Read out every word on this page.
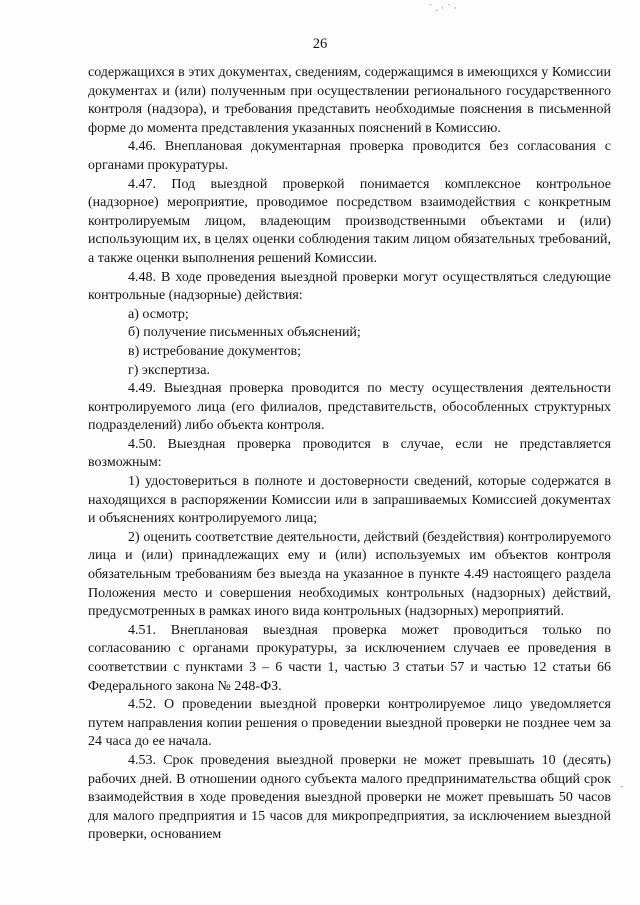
˙ . · ˙ ·
26

содержащихся в этих документах, сведениям, содержащимся в имеющихся у Комиссии документах и (или) полученным при осуществлении регионального государственного контроля (надзора), и требования представить необходимые пояснения в письменной форме до момента представления указанных пояснений в Комиссию.

4.46. Внеплановая документарная проверка проводится без согласования с органами прокуратуры.

4.47. Под выездной проверкой понимается комплексное контрольное (надзорное) мероприятие, проводимое посредством взаимодействия с конкретным контролируемым лицом, владеющим производственными объектами и (или) использующим их, в целях оценки соблюдения таким лицом обязательных требований, а также оценки выполнения решений Комиссии.

4.48. В ходе проведения выездной проверки могут осуществляться следующие контрольные (надзорные) действия:

а) осмотр;

б) получение письменных объяснений;

в) истребование документов;

г) экспертиза.

4.49. Выездная проверка проводится по месту осуществления деятельности контролируемого лица (его филиалов, представительств, обособленных структурных подразделений) либо объекта контроля.

4.50. Выездная проверка проводится в случае, если не представляется возможным:

1) удостовериться в полноте и достоверности сведений, которые содержатся в находящихся в распоряжении Комиссии или в запрашиваемых Комиссией документах и объяснениях контролируемого лица;

2) оценить соответствие деятельности, действий (бездействия) контролируемого лица и (или) принадлежащих ему и (или) используемых им объектов контроля обязательным требованиям без выезда на указанное в пункте 4.49 настоящего раздела Положения место и совершения необходимых контрольных (надзорных) действий, предусмотренных в рамках иного вида контрольных (надзорных) мероприятий.

4.51. Внеплановая выездная проверка может проводиться только по согласованию с органами прокуратуры, за исключением случаев ее проведения в соответствии с пунктами 3 – 6 части 1, частью 3 статьи 57 и частью 12 статьи 66 Федерального закона № 248-ФЗ.

4.52. О проведении выездной проверки контролируемое лицо уведомляется путем направления копии решения о проведении выездной проверки не позднее чем за 24 часа до ее начала.

4.53. Срок проведения выездной проверки не может превышать 10 (десять) рабочих дней. В отношении одного субъекта малого предпринимательства общий срок взаимодействия в ходе проведения выездной проверки не может превышать 50 часов для малого предприятия и 15 часов для микропредприятия, за исключением выездной проверки, основанием

-
